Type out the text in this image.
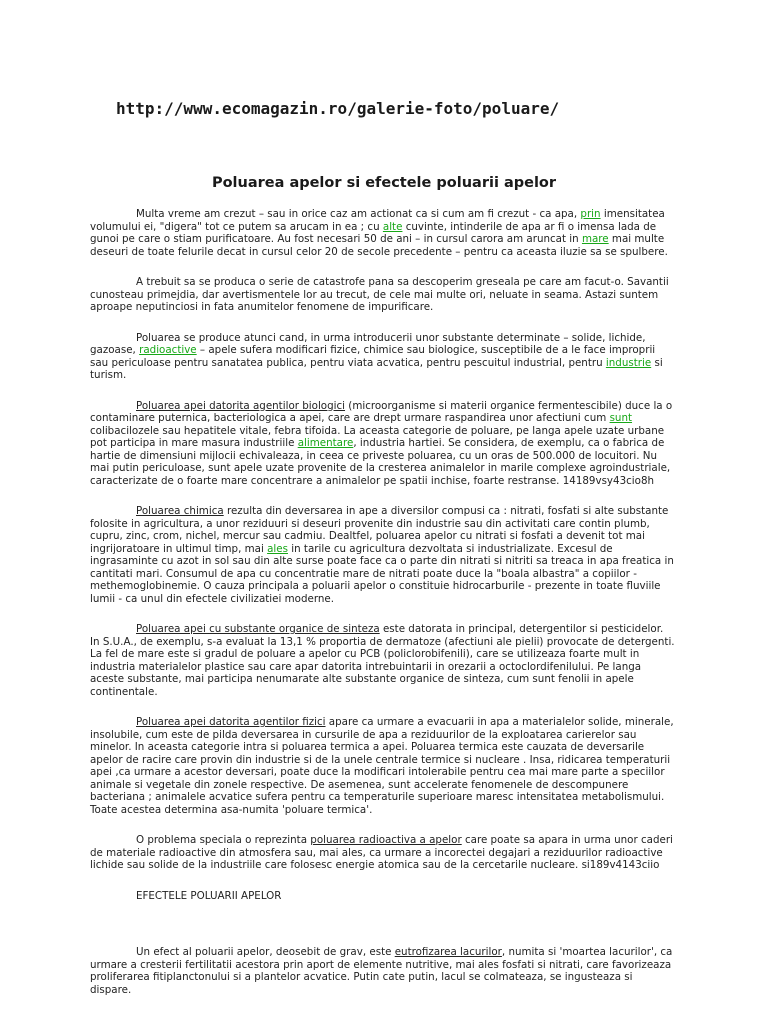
http://www.ecomagazin.ro/galerie-foto/poluare/
Poluarea apelor si efectele poluarii apelor

Multa vreme am crezut – sau in orice caz am actionat ca si cum am fi crezut - ca apa, prin imensitatea volumului ei, "digera" tot ce putem sa arucam in ea ; cu alte cuvinte, intinderile de apa ar fi o imensa lada de gunoi pe care o stiam purificatoare. Au fost necesari 50 de ani – in cursul carora am aruncat in mare mai multe deseuri de toate felurile decat in cursul celor 20 de secole precedente – pentru ca aceasta iluzie sa se spulbere.

A trebuit sa se produca o serie de catastrofe pana sa descoperim greseala pe care am facut-o. Savantii cunosteau primejdia, dar avertismentele lor au trecut, de cele mai multe ori, neluate in seama. Astazi suntem aproape neputinciosi in fata anumitelor fenomene de impurificare.

Poluarea se produce atunci cand, in urma introducerii unor substante determinate – solide, lichide, gazoase, radioactive – apele sufera modificari fizice, chimice sau biologice, susceptibile de a le face improprii sau periculoase pentru sanatatea publica, pentru viata acvatica, pentru pescuitul industrial, pentru industrie si turism.

Poluarea apei datorita agentilor biologici (microorganisme si materii organice fermentescibile) duce la o contaminare puternica, bacteriologica a apei, care are drept urmare raspandirea unor afectiuni cum sunt colibacilozele sau hepatitele vitale, febra tifoida. La aceasta categorie de poluare, pe langa apele uzate urbane pot participa in mare masura industriile alimentare, industria hartiei. Se considera, de exemplu, ca o fabrica de hartie de dimensiuni mijlocii echivaleaza, in ceea ce priveste poluarea, cu un oras de 500.000 de locuitori. Nu mai putin periculoase, sunt apele uzate provenite de la cresterea animalelor in marile complexe agroindustriale, caracterizate de o foarte mare concentrare a animalelor pe spatii inchise, foarte restranse. 14189vsy43cio8h

Poluarea chimica rezulta din deversarea in ape a diversilor compusi ca : nitrati, fosfati si alte substante folosite in agricultura, a unor reziduuri si deseuri provenite din industrie sau din activitati care contin plumb, cupru, zinc, crom, nichel, mercur sau cadmiu. Dealtfel, poluarea apelor cu nitrati si fosfati a devenit tot mai ingrijoratoare in ultimul timp, mai ales in tarile cu agricultura dezvoltata si industrializate. Excesul de ingrasaminte cu azot in sol sau din alte surse poate face ca o parte din nitrati si nitriti sa treaca in apa freatica in cantitati mari. Consumul de apa cu concentratie mare de nitrati poate duce la "boala albastra" a copiilor - methemoglobinemie. O cauza principala a poluarii apelor o constituie hidrocarburile - prezente in toate fluviile lumii - ca unul din efectele civilizatiei moderne.

Poluarea apei cu substante organice de sinteza este datorata in principal, detergentilor si pesticidelor. In S.U.A., de exemplu, s-a evaluat la 13,1 % proportia de dermatoze (afectiuni ale pielii) provocate de detergenti. La fel de mare este si gradul de poluare a apelor cu PCB (policlorobifenili), care se utilizeaza foarte mult in industria materialelor plastice sau care apar datorita intrebuintarii in orezarii a octoclordifenilului. Pe langa aceste substante, mai participa nenumarate alte substante organice de sinteza, cum sunt fenolii in apele continentale.

Poluarea apei datorita agentilor fizici apare ca urmare a evacuarii in apa a materialelor solide, minerale, insolubile, cum este de pilda deversarea in cursurile de apa a reziduurilor de la exploatarea carierelor sau minelor. In aceasta categorie intra si poluarea termica a apei. Poluarea termica este cauzata de deversarile apelor de racire care provin din industrie si de la unele centrale termice si nucleare . Insa, ridicarea temperaturii apei ,ca urmare a acestor deversari, poate duce la modificari intolerabile pentru cea mai mare parte a speciilor animale si vegetale din zonele respective. De asemenea, sunt accelerate fenomenele de descompunere bacteriana ; animalele acvatice sufera pentru ca temperaturile superioare maresc intensitatea metabolismului. Toate acestea determina asa-numita 'poluare termica'.

O problema speciala o reprezinta poluarea radioactiva a apelor care poate sa apara in urma unor caderi de materiale radioactive din atmosfera sau, mai ales, ca urmare a incorectei degajari a reziduurilor radioactive lichide sau solide de la industriile care folosesc energie atomica sau de la cercetarile nucleare. si189v4143ciio

EFECTELE POLUARII APELOR

Un efect al poluarii apelor, deosebit de grav, este eutrofizarea lacurilor, numita si 'moartea lacurilor', ca urmare a cresterii fertilitatii acestora prin aport de elemente nutritive, mai ales fosfati si nitrati, care favorizeaza proliferarea fitiplanctonului si a plantelor acvatice. Putin cate putin, lacul se colmateaza, se ingusteaza si dispare.
